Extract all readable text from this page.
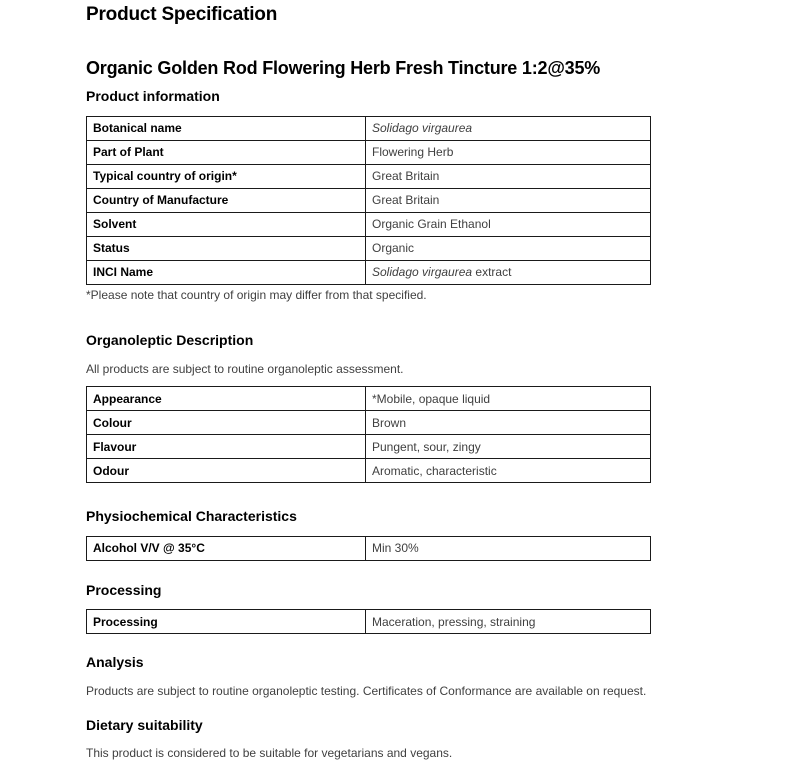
Product Specification
Organic Golden Rod Flowering Herb Fresh Tincture 1:2@35%
Product information
Botanical name	Solidago virgaurea
Part of Plant	Flowering Herb
Typical country of origin*	Great Britain
Country of Manufacture	Great Britain
Solvent	Organic Grain Ethanol
Status	Organic
INCI Name	Solidago virgaurea extract

*Please note that country of origin may differ from that specified.

Organoleptic Description

All products are subject to routine organoleptic assessment.

Appearance	*Mobile, opaque liquid
Colour	Brown
Flavour	Pungent, sour, zingy
Odour	Aromatic, characteristic
Physiochemical Characteristics
Alcohol V/V @ 35°C	Min 30%
Processing
Processing	Maceration, pressing, straining
Analysis

Products are subject to routine organoleptic testing. Certificates of Conformance are available on request.

Dietary suitability

This product is considered to be suitable for vegetarians and vegans.
